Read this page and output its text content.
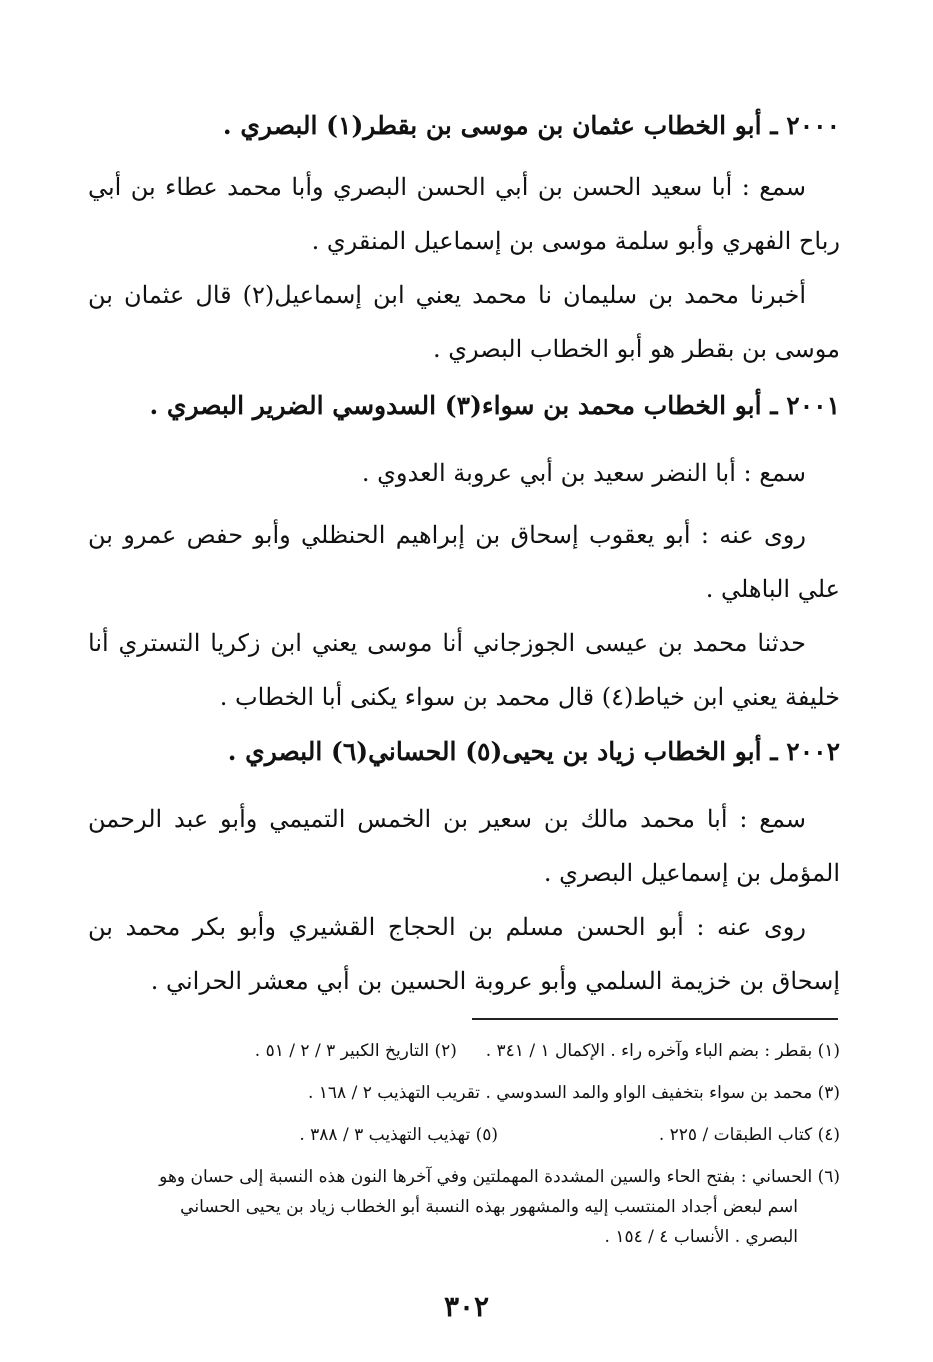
٢٠٠٠ ـ أبو الخطاب عثمان بن موسى بن بقطر(١) البصري .
سمع : أبا سعيد الحسن بن أبي الحسن البصري وأبا محمد عطاء بن أبي رباح الفهري وأبو سلمة موسى بن إسماعيل المنقري .
أخبرنا محمد بن سليمان نا محمد يعني ابن إسماعيل(٢) قال عثمان بن موسى بن بقطر هو أبو الخطاب البصري .
٢٠٠١ ـ أبو الخطاب محمد بن سواء(٣) السدوسي الضرير البصري .
سمع : أبا النضر سعيد بن أبي عروبة العدوي .
روى عنه : أبو يعقوب إسحاق بن إبراهيم الحنظلي وأبو حفص عمرو بن علي الباهلي .
حدثنا محمد بن عيسى الجوزجاني أنا موسى يعني ابن زكريا التستري أنا خليفة يعني ابن خياط(٤) قال محمد بن سواء يكنى أبا الخطاب .
٢٠٠٢ ـ أبو الخطاب زياد بن يحيى(٥) الحساني(٦) البصري .
سمع : أبا محمد مالك بن سعير بن الخمس التميمي وأبو عبد الرحمن المؤمل بن إسماعيل البصري .
روى عنه : أبو الحسن مسلم بن الحجاج القشيري وأبو بكر محمد بن إسحاق بن خزيمة السلمي وأبو عروبة الحسين بن أبي معشر الحراني .
(١) بقطر : بضم الباء وآخره راء . الإكمال ١ / ٣٤١ .  (٢) التاريخ الكبير ٣ / ٢ / ٥١ .
(٣) محمد بن سواء بتخفيف الواو والمد السدوسي . تقريب التهذيب ٢ / ١٦٨ .
(٤) كتاب الطبقات / ٢٢٥ .  (٥) تهذيب التهذيب ٣ / ٣٨٨ .
(٦) الحساني : بفتح الحاء والسين المشددة المهملتين وفي آخرها النون هذه النسبة إلى حسان وهو
اسم لبعض أجداد المنتسب إليه والمشهور بهذه النسبة أبو الخطاب زياد بن يحيى الحساني
البصري . الأنساب ٤ / ١٥٤ .
٣٠٢
